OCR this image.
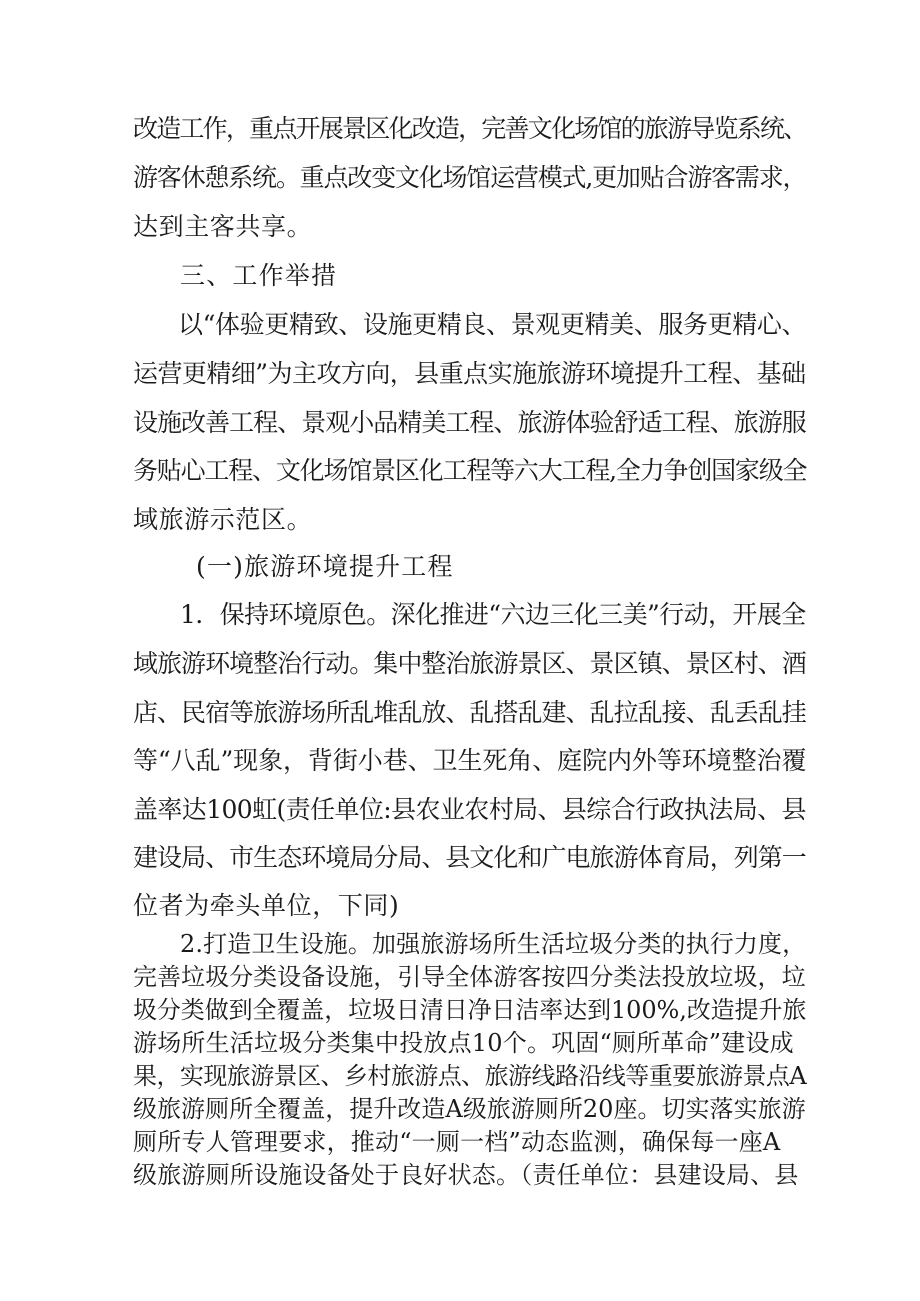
改造工作，重点开展景区化改造，完善文化场馆的旅游导览系统、
游客休憩系统。重点改变文化场馆运营模式,更加贴合游客需求，
达到主客共享。
三、工作举措
以“体验更精致、设施更精良、景观更精美、服务更精心、
运营更精细”为主攻方向，县重点实施旅游环境提升工程、基础
设施改善工程、景观小品精美工程、旅游体验舒适工程、旅游服
务贴心工程、文化场馆景区化工程等六大工程,全力争创国家级全
域旅游示范区。
(一)旅游环境提升工程
1．保持环境原色。深化推进“六边三化三美”行动，开展全
域旅游环境整治行动。集中整治旅游景区、景区镇、景区村、酒
店、民宿等旅游场所乱堆乱放、乱搭乱建、乱拉乱接、乱丢乱挂
等“八乱”现象，背街小巷、卫生死角、庭院内外等环境整治覆
盖率达100虹(责任单位:县农业农村局、县综合行政执法局、县
建设局、市生态环境局分局、县文化和广电旅游体育局，列第一
位者为牵头单位，下同)
2.打造卫生设施。加强旅游场所生活垃圾分类的执行力度，
完善垃圾分类设备设施，引导全体游客按四分类法投放垃圾，垃
圾分类做到全覆盖，垃圾日清日净日洁率达到100%,改造提升旅
游场所生活垃圾分类集中投放点10个。巩固“厕所革命”建设成
果，实现旅游景区、乡村旅游点、旅游线路沿线等重要旅游景点A
级旅游厕所全覆盖，提升改造A级旅游厕所20座。切实落实旅游
厕所专人管理要求，推动“一厕一档”动态监测，确保每一座A
级旅游厕所设施设备处于良好状态。（责任单位：县建设局、县
